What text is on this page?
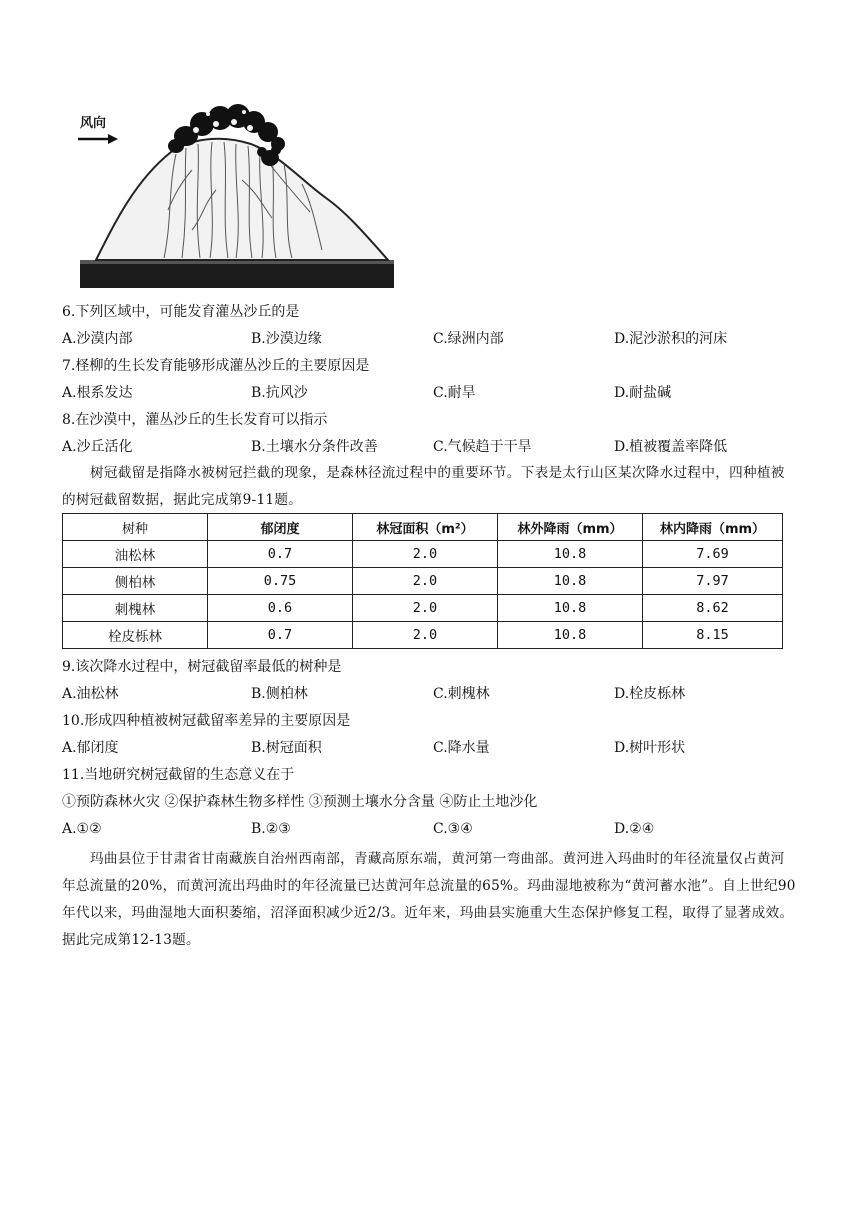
风向
6.下列区域中，可能发育灌丛沙丘的是
A.沙漠内部	B.沙漠边缘	C.绿洲内部	D.泥沙淤积的河床
7.柽柳的生长发育能够形成灌丛沙丘的主要原因是
A.根系发达	B.抗风沙	C.耐旱	D.耐盐碱
8.在沙漠中，灌丛沙丘的生长发育可以指示
A.沙丘活化	B.土壤水分条件改善	C.气候趋于干旱	D.植被覆盖率降低
树冠截留是指降水被树冠拦截的现象，是森林径流过程中的重要环节。下表是太行山区某次降水过程中，四种植被的树冠截留数据，据此完成第9-11题。
树种	郁闭度	林冠面积（m²）	林外降雨（mm）	林内降雨（mm）
油松林	0.7	2.0	10.8	7.69
侧柏林	0.75	2.0	10.8	7.97
刺槐林	0.6	2.0	10.8	8.62
栓皮栎林	0.7	2.0	10.8	8.15
9.该次降水过程中，树冠截留率最低的树种是
A.油松林	B.侧柏林	C.刺槐林	D.栓皮栎林
10.形成四种植被树冠截留率差异的主要原因是
A.郁闭度	B.树冠面积	C.降水量	D.树叶形状
11.当地研究树冠截留的生态意义在于
①预防森林火灾 ②保护森林生物多样性 ③预测土壤水分含量 ④防止土地沙化
A.①②	B.②③	C.③④	D.②④
玛曲县位于甘肃省甘南藏族自治州西南部，青藏高原东端，黄河第一弯曲部。黄河进入玛曲时的年径流量仅占黄河年总流量的20%，而黄河流出玛曲时的年径流量已达黄河年总流量的65%。玛曲湿地被称为“黄河蓄水池”。自上世纪90年代以来，玛曲湿地大面积萎缩，沼泽面积减少近2/3。近年来，玛曲县实施重大生态保护修复工程，取得了显著成效。据此完成第12-13题。
